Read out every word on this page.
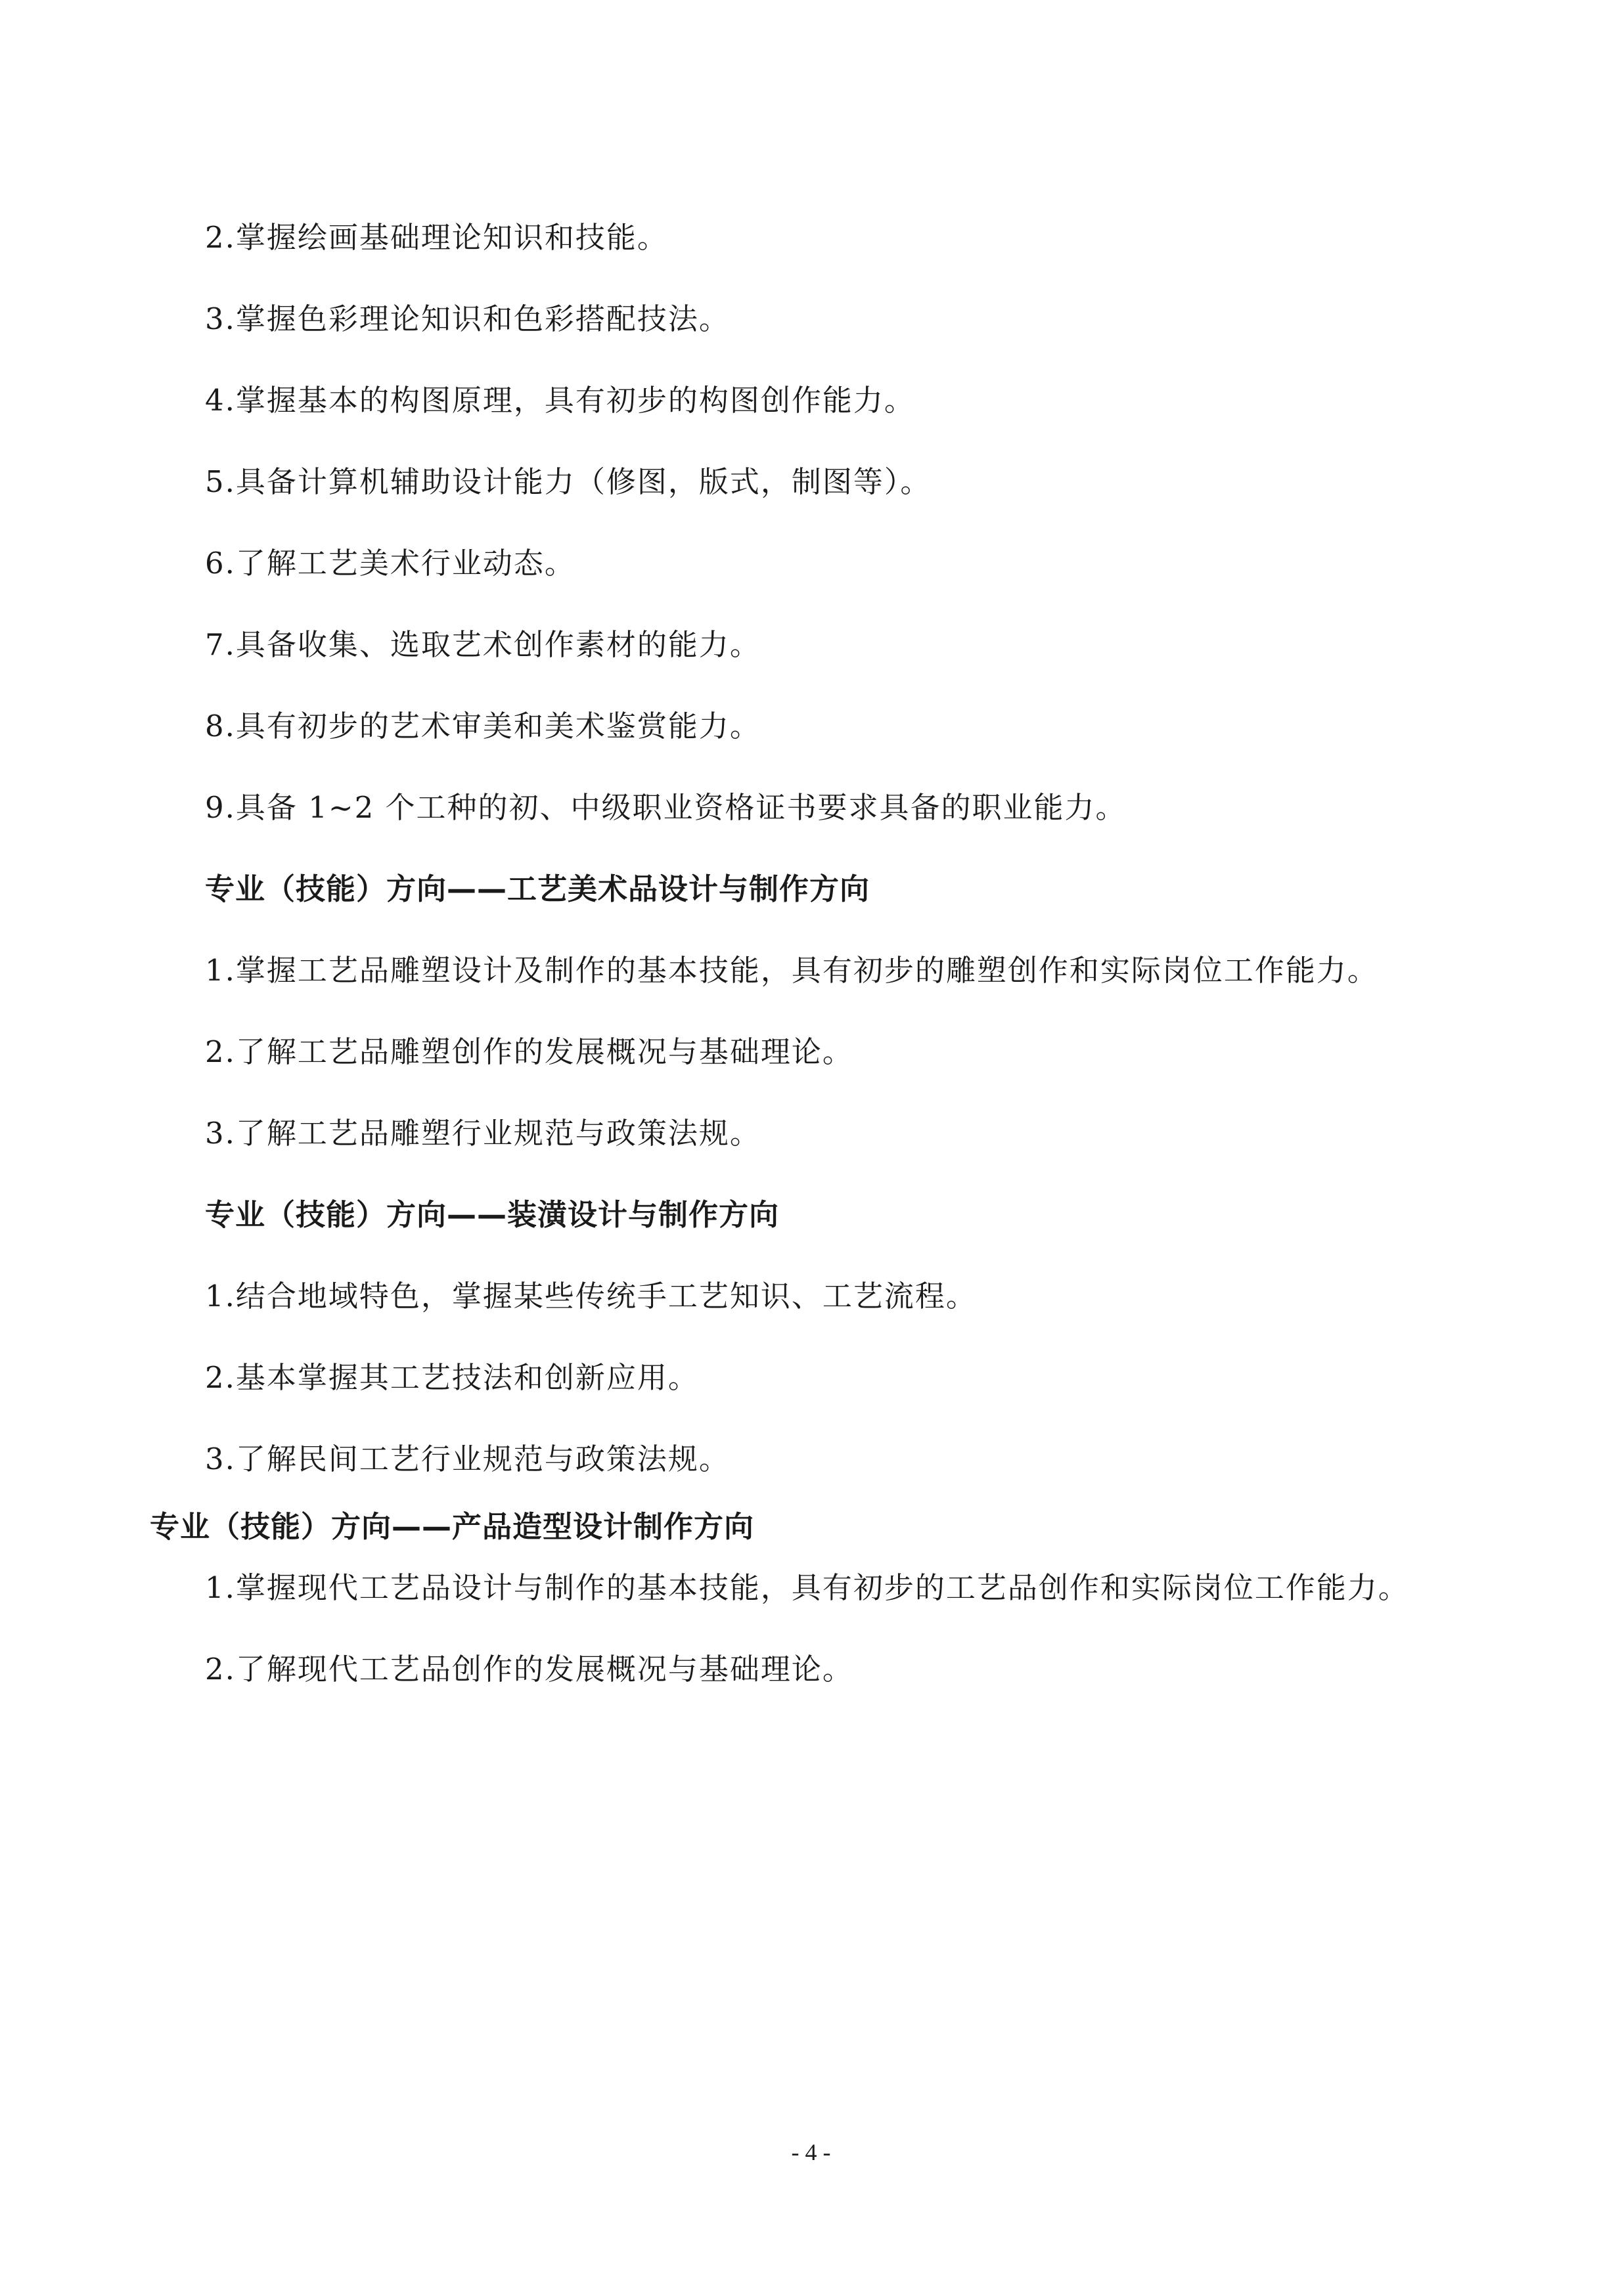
2.掌握绘画基础理论知识和技能。
3.掌握色彩理论知识和色彩搭配技法。
4.掌握基本的构图原理，具有初步的构图创作能力。
5.具备计算机辅助设计能力（修图，版式，制图等）。
6.了解工艺美术行业动态。
7.具备收集、选取艺术创作素材的能力。
8.具有初步的艺术审美和美术鉴赏能力。
9.具备 1~2 个工种的初、中级职业资格证书要求具备的职业能力。
专业（技能）方向——工艺美术品设计与制作方向
1.掌握工艺品雕塑设计及制作的基本技能，具有初步的雕塑创作和实际岗位工作能力。
2.了解工艺品雕塑创作的发展概况与基础理论。
3.了解工艺品雕塑行业规范与政策法规。
专业（技能）方向——装潢设计与制作方向
1.结合地域特色，掌握某些传统手工艺知识、工艺流程。
2.基本掌握其工艺技法和创新应用。
3.了解民间工艺行业规范与政策法规。
专业（技能）方向——产品造型设计制作方向
1.掌握现代工艺品设计与制作的基本技能，具有初步的工艺品创作和实际岗位工作能力。
2.了解现代工艺品创作的发展概况与基础理论。
- 4 -
